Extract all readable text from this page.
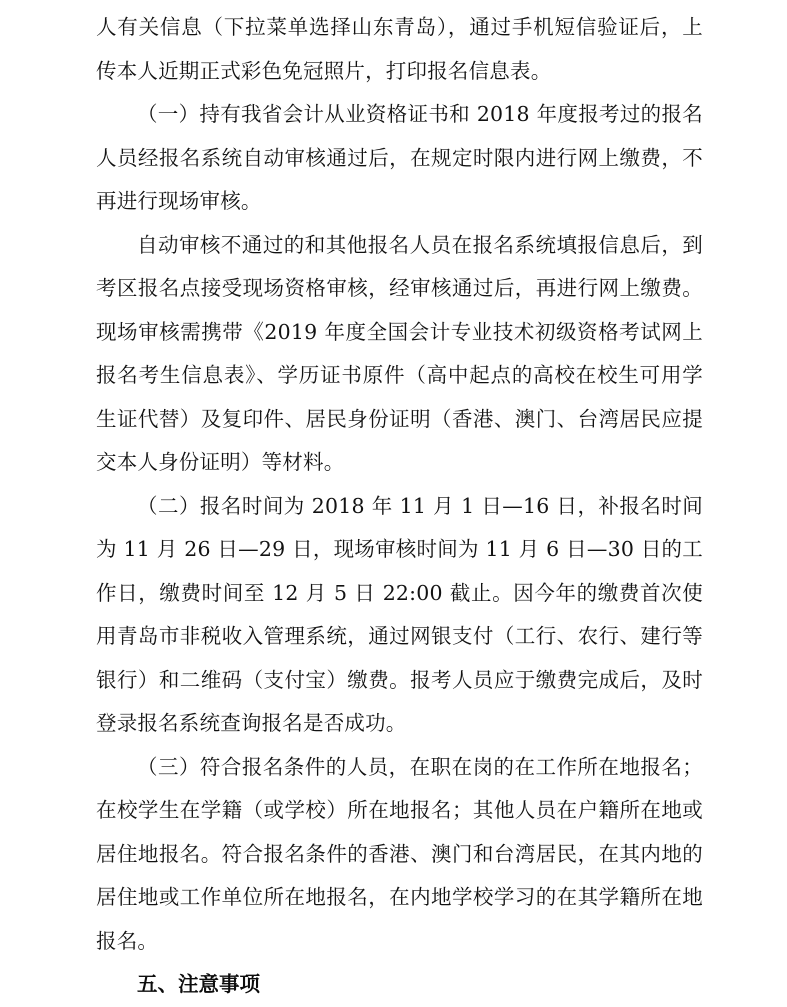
人有关信息（下拉菜单选择山东青岛），通过手机短信验证后，上传本人近期正式彩色免冠照片，打印报名信息表。

（一）持有我省会计从业资格证书和 2018 年度报考过的报名人员经报名系统自动审核通过后，在规定时限内进行网上缴费，不再进行现场审核。

自动审核不通过的和其他报名人员在报名系统填报信息后，到考区报名点接受现场资格审核，经审核通过后，再进行网上缴费。现场审核需携带《2019 年度全国会计专业技术初级资格考试网上报名考生信息表》、学历证书原件（高中起点的高校在校生可用学生证代替）及复印件、居民身份证明（香港、澳门、台湾居民应提交本人身份证明）等材料。

（二）报名时间为 2018 年 11 月 1 日—16 日，补报名时间为 11 月 26 日—29 日，现场审核时间为 11 月 6 日—30 日的工作日，缴费时间至 12 月 5 日 22:00 截止。因今年的缴费首次使用青岛市非税收入管理系统，通过网银支付（工行、农行、建行等银行）和二维码（支付宝）缴费。报考人员应于缴费完成后，及时登录报名系统查询报名是否成功。

（三）符合报名条件的人员，在职在岗的在工作所在地报名；在校学生在学籍（或学校）所在地报名；其他人员在户籍所在地或居住地报名。符合报名条件的香港、澳门和台湾居民，在其内地的居住地或工作单位所在地报名，在内地学校学习的在其学籍所在地报名。

五、注意事项
